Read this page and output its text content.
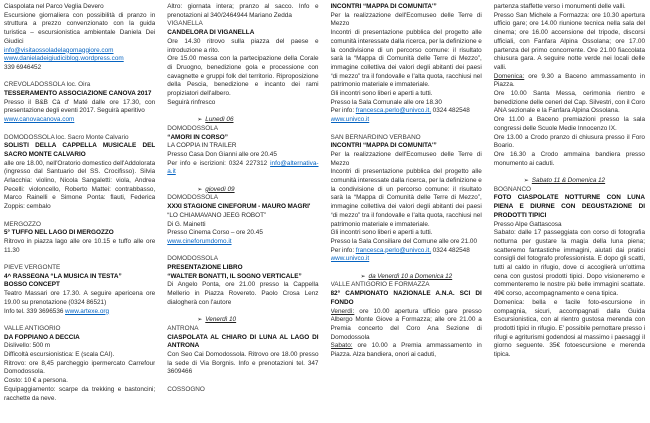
Ciaspolata nel Parco Veglia Devero

Escursione giornaliera con possibilità di pranzo in struttura a prezzo convenzionato con la guida turistica – escursionistica ambientale Daniela Dei Giudici

info@visitaossoladelagomaggiore.com

www.danieladeigiudiciblog.wordpress.com

339 6946452

CREVOLADOSSOLA loc. Oira

TESSERAMENTO ASSOCIAZIONE CANOVA 2017

Presso il B&B Cà d' Maté dalle ore 17.30, con presentazione degli eventi 2017. Seguirà aperitivo

www.canovacanova.com

DOMODOSSOLA loc. Sacro Monte Calvario

SOLISTI DELLA CAPPELLA MUSICALE DEL SACRO MONTE CALVARIO

alle ore 18.00, nell'Oratorio domestico dell'Addolorata (ingresso dal Santuario del SS. Crocifisso). Silvia Arlacchia: violino, Nicola Sangaletti: viola, Andrea Pecelli: violoncello, Roberto Mattei: contrabbasso, Marco Rainelli e Simone Ponta: flauti, Federica Zoppis: cembalo

MERGOZZO

5° TUFFO NEL LAGO DI MERGOZZO

Ritrovo in piazza lago alle ore 10.15 e tuffo alle ore 11.30

PIEVE VERGONTE

4^ RASSEGNA “LA MUSICA IN TESTA”

BOSSO CONCEPT

Teatro Massari ore 17.30. A seguire apericena ore 19.00 su prenotazione (0324 86521)

Info tel. 339 3696536 www.artexe.org

VALLE ANTIGORIO

DA FOPPIANO A DECCIA

Dislivello: 500 m

Difficoltà escursionistica: E (scala CAI).

Ritrovo: ore 8,45 parcheggio ipermercato Carrefour Domodossola.

Costo: 10 € a persona.

Equipaggiamento: scarpe da trekking e bastoncini; racchette da neve.

Altro: giornata intera; pranzo al sacco. Info e prenotazioni al 340/2464944 Mariano Zedda

VIGANELLA

CANDELORA DI VIGANELLA

Ore 14.30 ritrovo sulla piazza del paese e introduzione a rito.

Ore 15.00 messa con la partecipazione della Corale di Druogno, benedizione gola e processione con cavagnette e gruppi folk del territorio. Riproposizione della Pescia, benedizione e incanto dei rami propiziatori dell'albero.

Seguirà rinfresco

➢ Lunedì 06

DOMODOSSOLA

“AMORI IN CORSO”

LA COPPIA IN TRAILER

Presso Casa Don Gianni alle ore 20.45

Per info e iscrizioni: 0324 227312 info@alternativa-a.it

➢ giovedì 09

DOMODOSSOLA

XXXI STAGIONE CINEFORUM - MAURO MAGRI'

“LO CHIAMAVANO JEEG ROBOT”

Di G. Mainetti

Presso Cinema Corso – ore 20.45

www.cineforumdomo.it

DOMODOSSOLA

PRESENTAZIONE LIBRO

“WALTER BONATTI, IL SOGNO VERTICALE”

Di Angelo Ponta, ore 21.00 presso la Cappella Mellerio in Piazza Rovereto. Paolo Crosa Lenz dialogherà con l'autore

➢ Venerdì 10

ANTRONA

CIASPOLATA AL CHIARO DI LUNA AL LAGO DI ANTRONA

Con Seo Cai Domodossola. Ritrovo ore 18.00 presso la sede di Via Borgnis. Info e prenotazioni tel. 347 3609466

COSSOGNO

INCONTRI “MAPPA DI COMUNITA'”

Per la realizzazione dell'Ecomuseo delle Terre di Mezzo

Incontri di presentazione pubblica del progetto alle comunità interessate dalla ricerca, per la definizione e la condivisione di un percorso comune: il risultato sarà la “Mappa di Comunità delle Terre di Mezzo”, immagine collettiva dei valori degli abitanti dei paesi “di mezzo” tra il fondovalle e l'alta quota, racchiusi nel patrimonio materiale e immateriale.

Gli incontri sono liberi e aperti a tutti.

Presso la Sala Comunale alle ore 18.30

Per info: francesca.perlo@univco.it, 0324 482548

www.univco.it

SAN BERNARDINO VERBANO

INCONTRI “MAPPA DI COMUNITA'”

Per la realizzazione dell'Ecomuseo delle Terre di Mezzo

Incontri di presentazione pubblica del progetto alle comunità interessate dalla ricerca, per la definizione e la condivisione di un percorso comune: il risultato sarà la “Mappa di Comunità delle Terre di Mezzo”, immagine collettiva dei valori degli abitanti dei paesi “di mezzo” tra il fondovalle e l'alta quota, racchiusi nel patrimonio materiale e immateriale.

Gli incontri sono liberi e aperti a tutti.

Presso la Sala Consiliare del Comune alle ore 21.00

Per info: francesca.perlo@univco.it, 0324 482548

www.univco.it

➢ da Venerdì 10 a Domenica 12

VALLE ANTIGORIO E FORMAZZA

82° CAMPIONATO NAZIONALE A.N.A. SCI DI FONDO

Venerdì: ore 10.00 apertura ufficio gare presso Albergo Monte Giove a Formazza; alle ore 21.00 a Premia concerto del Coro Ana Sezione di Domodossola

Sabato: ore 10.00 a Premia ammassamento in Piazza. Alza bandiera, onori ai caduti,

partenza staffette verso i monumenti delle valli.

Presso San Michele a Formazza: ore 10.30 apertura ufficio gare; ore 14.00 riunione tecnica nella sala del cinema; ore 16.00 accensione del tripode, discorsi ufficiali, con Fanfara Alpina Ossolana; ore 17.00 partenza del primo concorrente. Ore 21.00 fiaccolata chiusura gara. A seguire notte verde nei locali delle valli.

Domenica: ore 9.30 a Baceno ammassamento in Piazza.

Ore 10.00 Santa Messa, cerimonia rientro e benedizione delle ceneri del Cap. Silvestri, con il Coro ANA sezionale e la Fanfara Alpina Ossolana.

Ore 11.00 a Baceno premiazioni presso la sala congressi delle Scuole Medie Innocenzo IX.

Ore 13.00 a Crodo pranzo di chiusura presso il Foro Boario.

Ore 16.30 a Crodo ammaina bandiera presso monumento ai caduti.

➢ Sabato 11 & Domenica 12

BOGNANCO

FOTO CIASPOLATE NOTTURNE CON LUNA PIENA E DIURNE CON DEGUSTAZIONE DI PRODOTTI TIPICI

Presso Alpe Gattascosa

Sabato: dalle 17 passeggiata con corso di fotografia notturna per gustare la magia della luna piena; scatteremo fantastiche immagini, aiutati dai pratici consigli del fotografo professionista. E dopo gli scatti, tutti al caldo in rifugio, dove ci accoglierà un'ottima cena con gustosi prodotti tipici. Dopo visioneremo e commenteremo le nostre più belle immagini scattate. 49€ corso, accompagnamento e cena tipica.

Domenica: bella e facile foto-escursione in compagnia, sicuri, accompagnati dalla Guida Escursionistica, con al rientro gustosa merenda con prodotti tipici in rifugio. E' possibile pernottare presso i rifugi e agriturismi godendosi al massimo i paesaggi il giorno seguente. 35€ fotoescursione e merenda tipica.
